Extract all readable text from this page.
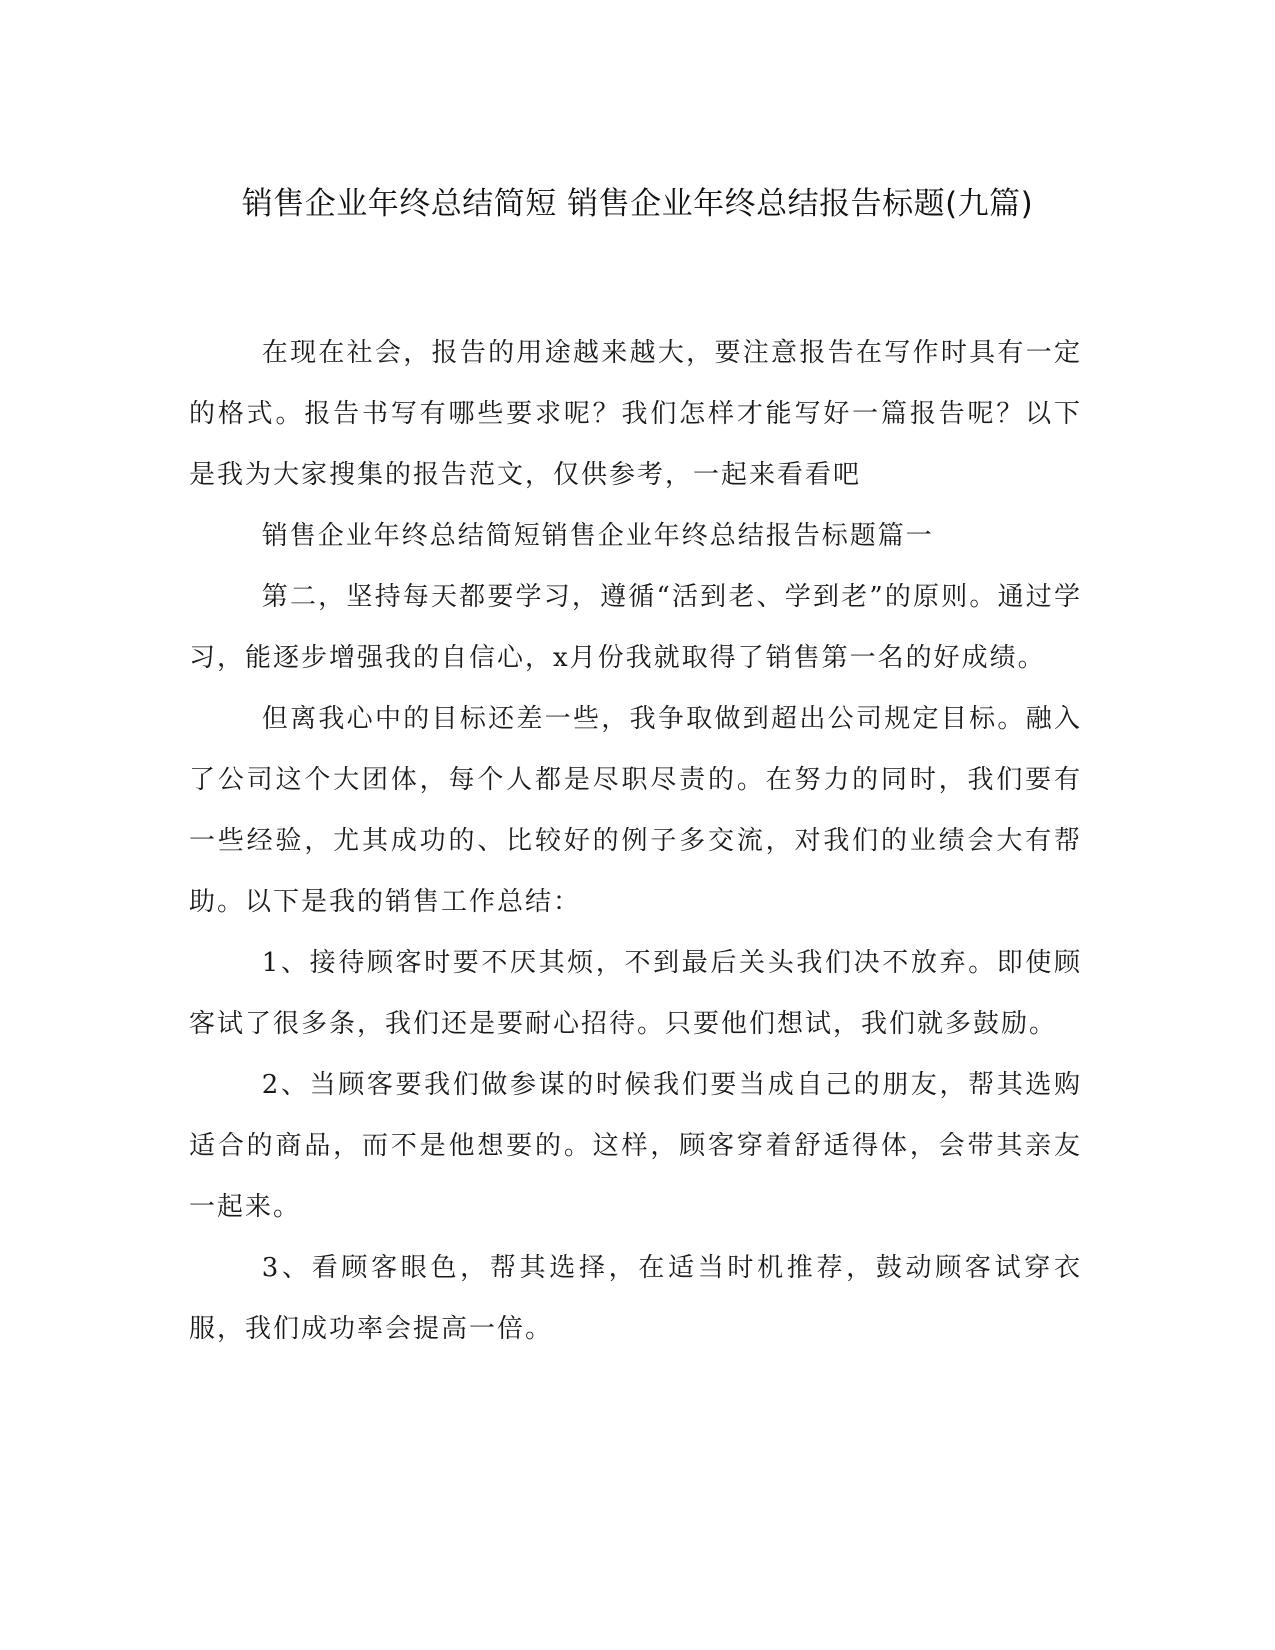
销售企业年终总结简短 销售企业年终总结报告标题(九篇)

在现在社会，报告的用途越来越大，要注意报告在写作时具有一定的格式。报告书写有哪些要求呢？我们怎样才能写好一篇报告呢？以下是我为大家搜集的报告范文，仅供参考，一起来看看吧

销售企业年终总结简短销售企业年终总结报告标题篇一

第二，坚持每天都要学习，遵循“活到老、学到老”的原则。通过学习，能逐步增强我的自信心，x月份我就取得了销售第一名的好成绩。

但离我心中的目标还差一些，我争取做到超出公司规定目标。融入了公司这个大团体，每个人都是尽职尽责的。在努力的同时，我们要有一些经验，尤其成功的、比较好的例子多交流，对我们的业绩会大有帮助。以下是我的销售工作总结：

1、接待顾客时要不厌其烦，不到最后关头我们决不放弃。即使顾客试了很多条，我们还是要耐心招待。只要他们想试，我们就多鼓励。

2、当顾客要我们做参谋的时候我们要当成自己的朋友，帮其选购适合的商品，而不是他想要的。这样，顾客穿着舒适得体，会带其亲友一起来。

3、看顾客眼色，帮其选择，在适当时机推荐，鼓动顾客试穿衣服，我们成功率会提高一倍。
